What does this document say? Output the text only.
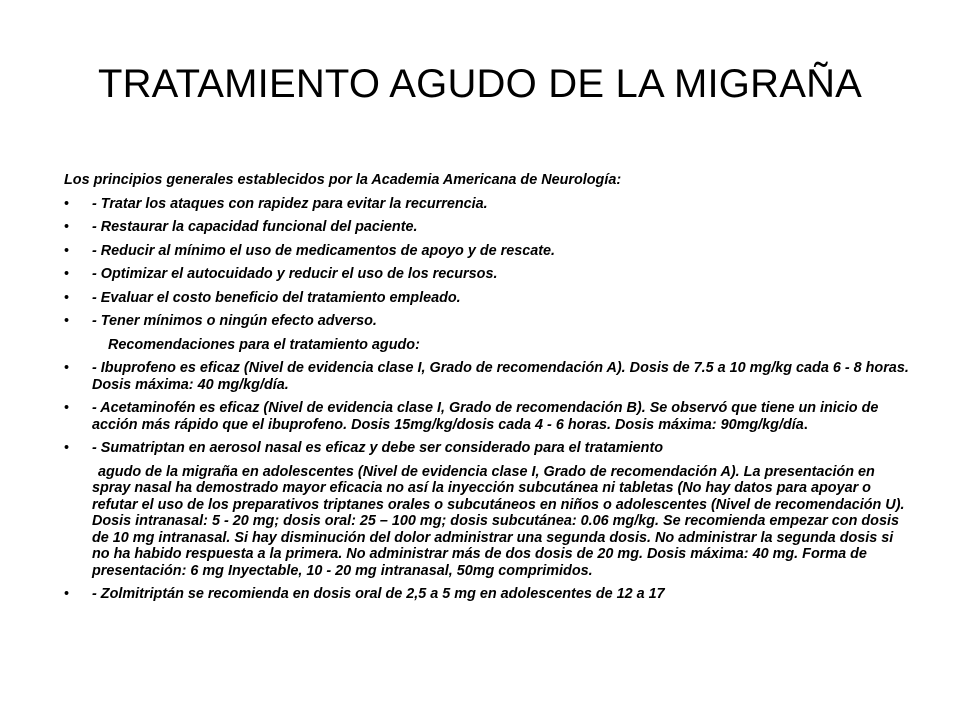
TRATAMIENTO AGUDO DE LA MIGRAÑA

Los principios generales establecidos por la Academia Americana de Neurología:

• - Tratar los ataques con rapidez para evitar la recurrencia.

• - Restaurar la capacidad funcional del paciente.

• - Reducir al mínimo el uso de medicamentos de apoyo y de rescate.

• - Optimizar el autocuidado y reducir el uso de los recursos.

• - Evaluar el costo beneficio del tratamiento empleado.

• - Tener mínimos o ningún efecto adverso.

Recomendaciones para el tratamiento agudo:

• - Ibuprofeno es eficaz (Nivel de evidencia clase I, Grado de recomendación A). Dosis de 7.5 a 10 mg/kg cada 6 - 8 horas. Dosis máxima: 40 mg/kg/día.

• - Acetaminofén es eficaz (Nivel de evidencia clase I, Grado de recomendación B). Se observó que tiene un inicio de acción más rápido que el ibuprofeno. Dosis 15mg/kg/dosis cada 4 - 6 horas. Dosis máxima: 90mg/kg/día.

• - Sumatriptan en aerosol nasal es eficaz y debe ser considerado para el tratamiento

agudo de la migraña en adolescentes (Nivel de evidencia clase I, Grado de recomendación A). La presentación en spray nasal ha demostrado mayor eficacia no así la inyección subcutánea ni tabletas (No hay datos para apoyar o refutar el uso de los preparativos triptanes orales o subcutáneos en niños o adolescentes (Nivel de recomendación U). Dosis intranasal: 5 - 20 mg; dosis oral: 25 – 100 mg; dosis subcutánea: 0.06 mg/kg. Se recomienda empezar con dosis de 10 mg intranasal. Si hay disminución del dolor administrar una segunda dosis. No administrar la segunda dosis si no ha habido respuesta a la primera. No administrar más de dos dosis de 20 mg. Dosis máxima: 40 mg. Forma de presentación: 6 mg Inyectable, 10 - 20 mg intranasal, 50mg comprimidos.

• - Zolmitriptán se recomienda en dosis oral de 2,5 a 5 mg en adolescentes de 12 a 17
